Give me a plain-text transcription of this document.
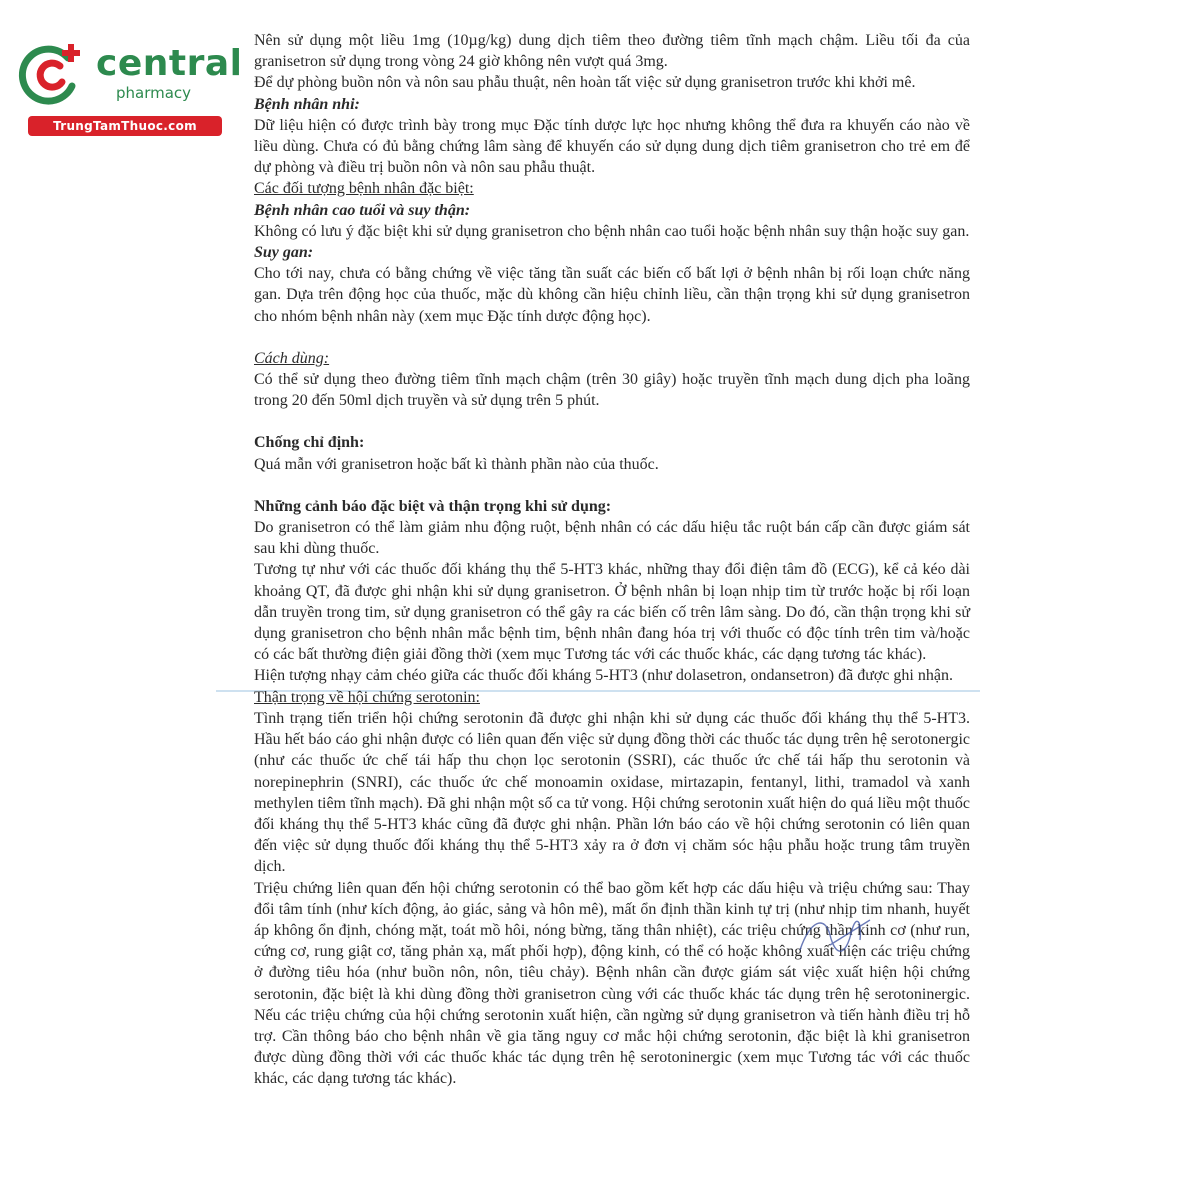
central
pharmacy
TrungTamThuoc.com

Nên sử dụng một liều 1mg (10µg/kg) dung dịch tiêm theo đường tiêm tĩnh mạch chậm. Liều tối đa của granisetron sử dụng trong vòng 24 giờ không nên vượt quá 3mg.

Để dự phòng buồn nôn và nôn sau phẫu thuật, nên hoàn tất việc sử dụng granisetron trước khi khởi mê.

Bệnh nhân nhi:

Dữ liệu hiện có được trình bày trong mục Đặc tính dược lực học nhưng không thể đưa ra khuyến cáo nào về liều dùng. Chưa có đủ bằng chứng lâm sàng để khuyến cáo sử dụng dung dịch tiêm granisetron cho trẻ em để dự phòng và điều trị buồn nôn và nôn sau phẫu thuật.

Các đối tượng bệnh nhân đặc biệt:

Bệnh nhân cao tuổi và suy thận:

Không có lưu ý đặc biệt khi sử dụng granisetron cho bệnh nhân cao tuổi hoặc bệnh nhân suy thận hoặc suy gan.

Suy gan:

Cho tới nay, chưa có bằng chứng về việc tăng tần suất các biến cố bất lợi ở bệnh nhân bị rối loạn chức năng gan. Dựa trên động học của thuốc, mặc dù không cần hiệu chỉnh liều, cần thận trọng khi sử dụng granisetron cho nhóm bệnh nhân này (xem mục Đặc tính dược động học).

Cách dùng:

Có thể sử dụng theo đường tiêm tĩnh mạch chậm (trên 30 giây) hoặc truyền tĩnh mạch dung dịch pha loãng trong 20 đến 50ml dịch truyền và sử dụng trên 5 phút.

Chống chỉ định:

Quá mẫn với granisetron hoặc bất kì thành phần nào của thuốc.

Những cảnh báo đặc biệt và thận trọng khi sử dụng:

Do granisetron có thể làm giảm nhu động ruột, bệnh nhân có các dấu hiệu tắc ruột bán cấp cần được giám sát sau khi dùng thuốc.

Tương tự như với các thuốc đối kháng thụ thể 5-HT3 khác, những thay đổi điện tâm đồ (ECG), kể cả kéo dài khoảng QT, đã được ghi nhận khi sử dụng granisetron. Ở bệnh nhân bị loạn nhịp tim từ trước hoặc bị rối loạn dẫn truyền trong tim, sử dụng granisetron có thể gây ra các biến cố trên lâm sàng. Do đó, cần thận trọng khi sử dụng granisetron cho bệnh nhân mắc bệnh tim, bệnh nhân đang hóa trị với thuốc có độc tính trên tim và/hoặc có các bất thường điện giải đồng thời (xem mục Tương tác với các thuốc khác, các dạng tương tác khác).

Hiện tượng nhạy cảm chéo giữa các thuốc đối kháng 5-HT3 (như dolasetron, ondansetron) đã được ghi nhận.

Thận trọng về hội chứng serotonin:

Tình trạng tiến triển hội chứng serotonin đã được ghi nhận khi sử dụng các thuốc đối kháng thụ thể 5-HT3. Hầu hết báo cáo ghi nhận được có liên quan đến việc sử dụng đồng thời các thuốc tác dụng trên hệ serotonergic (như các thuốc ức chế tái hấp thu chọn lọc serotonin (SSRI), các thuốc ức chế tái hấp thu serotonin và norepinephrin (SNRI), các thuốc ức chế monoamin oxidase, mirtazapin, fentanyl, lithi, tramadol và xanh methylen tiêm tĩnh mạch). Đã ghi nhận một số ca tử vong. Hội chứng serotonin xuất hiện do quá liều một thuốc đối kháng thụ thể 5-HT3 khác cũng đã được ghi nhận. Phần lớn báo cáo về hội chứng serotonin có liên quan đến việc sử dụng thuốc đối kháng thụ thể 5-HT3 xảy ra ở đơn vị chăm sóc hậu phẫu hoặc trung tâm truyền dịch.

Triệu chứng liên quan đến hội chứng serotonin có thể bao gồm kết hợp các dấu hiệu và triệu chứng sau: Thay đổi tâm tính (như kích động, ảo giác, sảng và hôn mê), mất ổn định thần kinh tự trị (như nhịp tim nhanh, huyết áp không ổn định, chóng mặt, toát mồ hôi, nóng bừng, tăng thân nhiệt), các triệu chứng thần kinh cơ (như run, cứng cơ, rung giật cơ, tăng phản xạ, mất phối hợp), động kinh, có thể có hoặc không xuất hiện các triệu chứng ở đường tiêu hóa (như buồn nôn, nôn, tiêu chảy). Bệnh nhân cần được giám sát việc xuất hiện hội chứng serotonin, đặc biệt là khi dùng đồng thời granisetron cùng với các thuốc khác tác dụng trên hệ serotoninergic. Nếu các triệu chứng của hội chứng serotonin xuất hiện, cần ngừng sử dụng granisetron và tiến hành điều trị hỗ trợ. Cần thông báo cho bệnh nhân về gia tăng nguy cơ mắc hội chứng serotonin, đặc biệt là khi granisetron được dùng đồng thời với các thuốc khác tác dụng trên hệ serotoninergic (xem mục Tương tác với các thuốc khác, các dạng tương tác khác).
